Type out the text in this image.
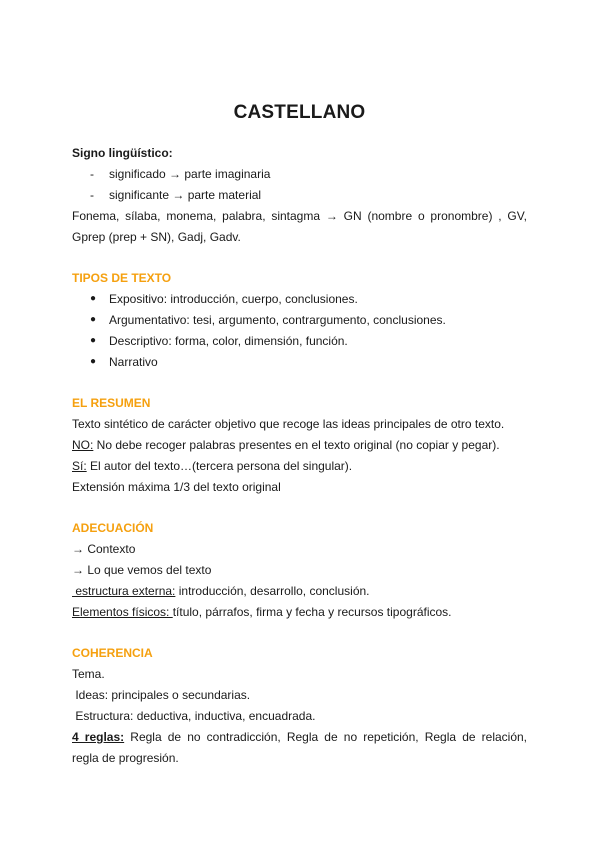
CASTELLANO
Signo lingüístico:
- significado → parte imaginaria
- significante → parte material
Fonema, sílaba, monema, palabra, sintagma → GN (nombre o pronombre) , GV,
Gprep (prep + SN), Gadj, Gadv.
TIPOS DE TEXTO
● Expositivo: introducción, cuerpo, conclusiones.
● Argumentativo: tesi, argumento, contrargumento, conclusiones.
● Descriptivo: forma, color, dimensión, función.
● Narrativo
EL RESUMEN
Texto sintético de carácter objetivo que recoge las ideas principales de otro texto.
NO: No debe recoger palabras presentes en el texto original (no copiar y pegar).
Sí: El autor del texto…(tercera persona del singular).
Extensión máxima 1/3 del texto original
ADECUACIÓN
→ Contexto
→ Lo que vemos del texto
estructura externa: introducción, desarrollo, conclusión.
Elementos físicos: título, párrafos, firma y fecha y recursos tipográficos.
COHERENCIA
Tema.
Ideas: principales o secundarias.
Estructura: deductiva, inductiva, encuadrada.
4 reglas: Regla de no contradicción, Regla de no repetición, Regla de relación,
regla de progresión.
